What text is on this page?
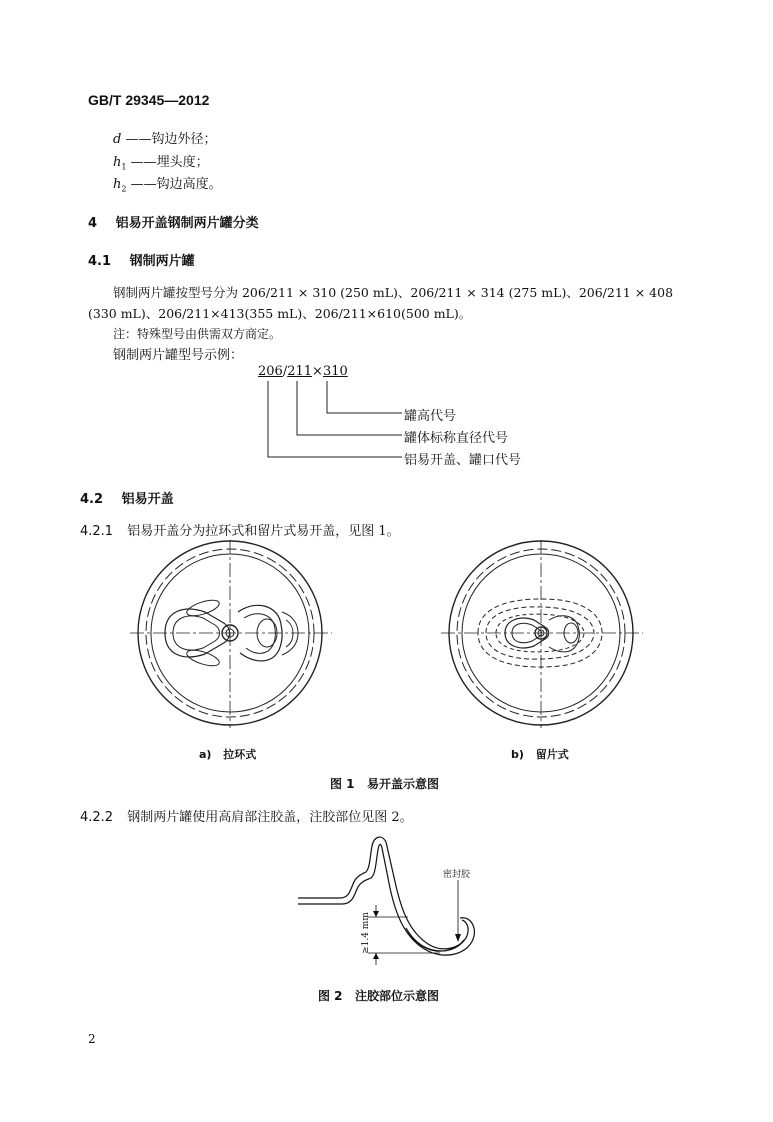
GB/T 29345—2012
d ——钩边外径；
$h_1$ ——埋头度；
$h_2$ ——钩边高度。
4 铝易开盖钢制两片罐分类
4.1 钢制两片罐
钢制两片罐按型号分为 206/211 × 310 (250 mL)、206/211 × 314 (275 mL)、206/211 × 408
(330 mL)、206/211×413(355 mL)、206/211×610(500 mL)。
注：特殊型号由供需双方商定。
钢制两片罐型号示例：
206/211×310
罐高代号
罐体标称直径代号
铝易开盖、罐口代号
4.2 铝易开盖
4.2.1 铝易开盖分为拉环式和留片式易开盖，见图 1。
a) 拉环式	b) 留片式
图 1   易开盖示意图
4.2.2 钢制两片罐使用高肩部注胶盖，注胶部位见图 2。
密封胶
≥1.4 mm
图 2   注胶部位示意图
2
